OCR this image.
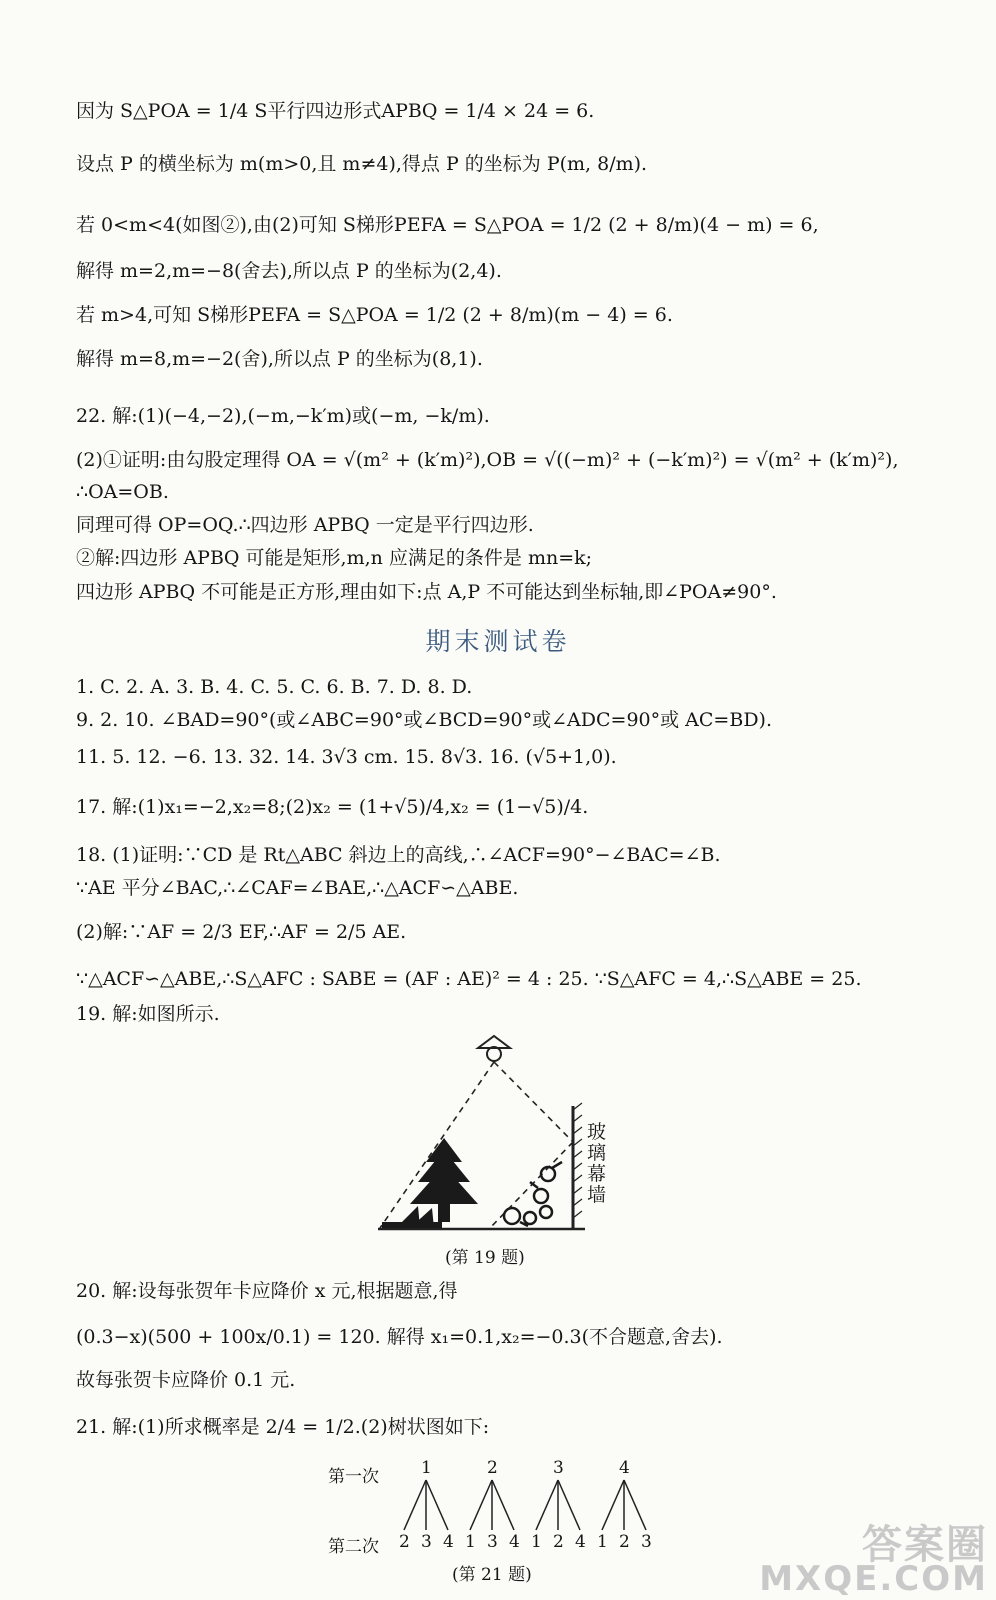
因为 S△POA = 1/4 S平行四边形式APBQ = 1/4 × 24 = 6.
设点 P 的横坐标为 m(m>0,且 m≠4),得点 P 的坐标为 P(m, 8/m).
若 0<m<4(如图②),由(2)可知 S梯形PEFA = S△POA = 1/2 (2 + 8/m)(4 − m) = 6,
解得 m=2,m=−8(舍去),所以点 P 的坐标为(2,4).
若 m>4,可知 S梯形PEFA = S△POA = 1/2 (2 + 8/m)(m − 4) = 6.
解得 m=8,m=−2(舍),所以点 P 的坐标为(8,1).
22. 解:(1)(−4,−2),(−m,−k′m)或(−m, −k/m).
(2)①证明:由勾股定理得 OA = √(m² + (k′m)²),OB = √((−m)² + (−k′m)²) = √(m² + (k′m)²),
∴OA=OB.
同理可得 OP=OQ.∴四边形 APBQ 一定是平行四边形.
②解:四边形 APBQ 可能是矩形,m,n 应满足的条件是 mn=k;
四边形 APBQ 不可能是正方形,理由如下:点 A,P 不可能达到坐标轴,即∠POA≠90°.
期末测试卷
1. C. 2. A. 3. B. 4. C. 5. C. 6. B. 7. D. 8. D.
9. 2. 10. ∠BAD=90°(或∠ABC=90°或∠BCD=90°或∠ADC=90°或 AC=BD).
11. 5. 12. −6. 13. 32. 14. 3√3 cm. 15. 8√3. 16. (√5+1,0).
17. 解:(1)x₁=−2,x₂=8;(2)x₂ = (1+√5)/4,x₂ = (1−√5)/4.
18. (1)证明:∵CD 是 Rt△ABC 斜边上的高线,∴∠ACF=90°−∠BAC=∠B.
∵AE 平分∠BAC,∴∠CAF=∠BAE,∴△ACF∽△ABE.
(2)解:∵AF = 2/3 EF,∴AF = 2/5 AE.
∵△ACF∽△ABE,∴S△AFC : SABE = (AF : AE)² = 4 : 25. ∵S△AFC = 4,∴S△ABE = 25.
19. 解:如图所示.
玻璃幕墙
(第 19 题)
20. 解:设每张贺年卡应降价 x 元,根据题意,得
(0.3−x)(500 + 100x/0.1) = 120. 解得 x₁=0.1,x₂=−0.3(不合题意,舍去).
故每张贺卡应降价 0.1 元.
21. 解:(1)所求概率是 2/4 = 1/2.(2)树状图如下:
第一次
第二次
1	2	3	4
2 3 4 1 3 4 1 2 4 1 2 3
(第 21 题)
答案圈
MXQE.COM
